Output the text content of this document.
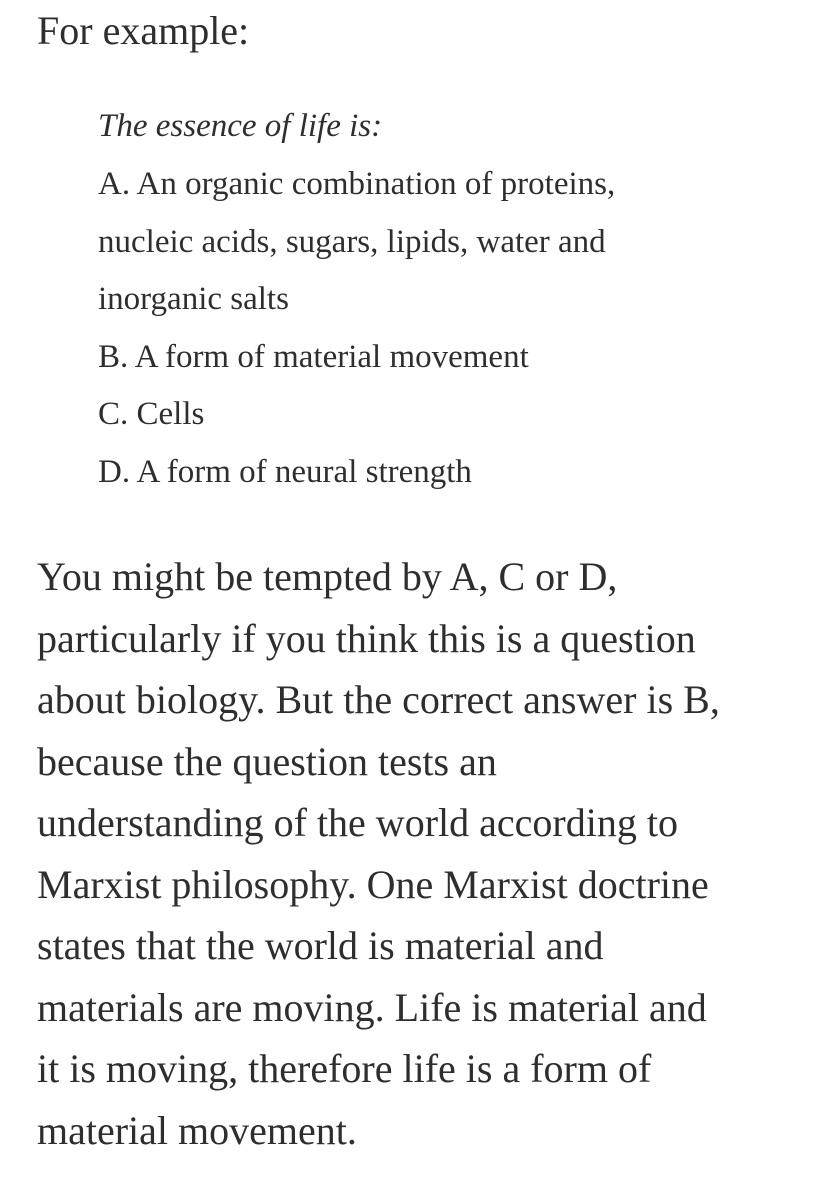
For example:

The essence of life is:

A. An organic combination of proteins,
nucleic acids, sugars, lipids, water and
inorganic salts
B. A form of material movement
C. Cells
D. A form of neural strength

You might be tempted by A, C or D,
particularly if you think this is a question
about biology. But the correct answer is B,
because the question tests an
understanding of the world according to
Marxist philosophy. One Marxist doctrine
states that the world is material and
materials are moving. Life is material and
it is moving, therefore life is a form of
material movement.
